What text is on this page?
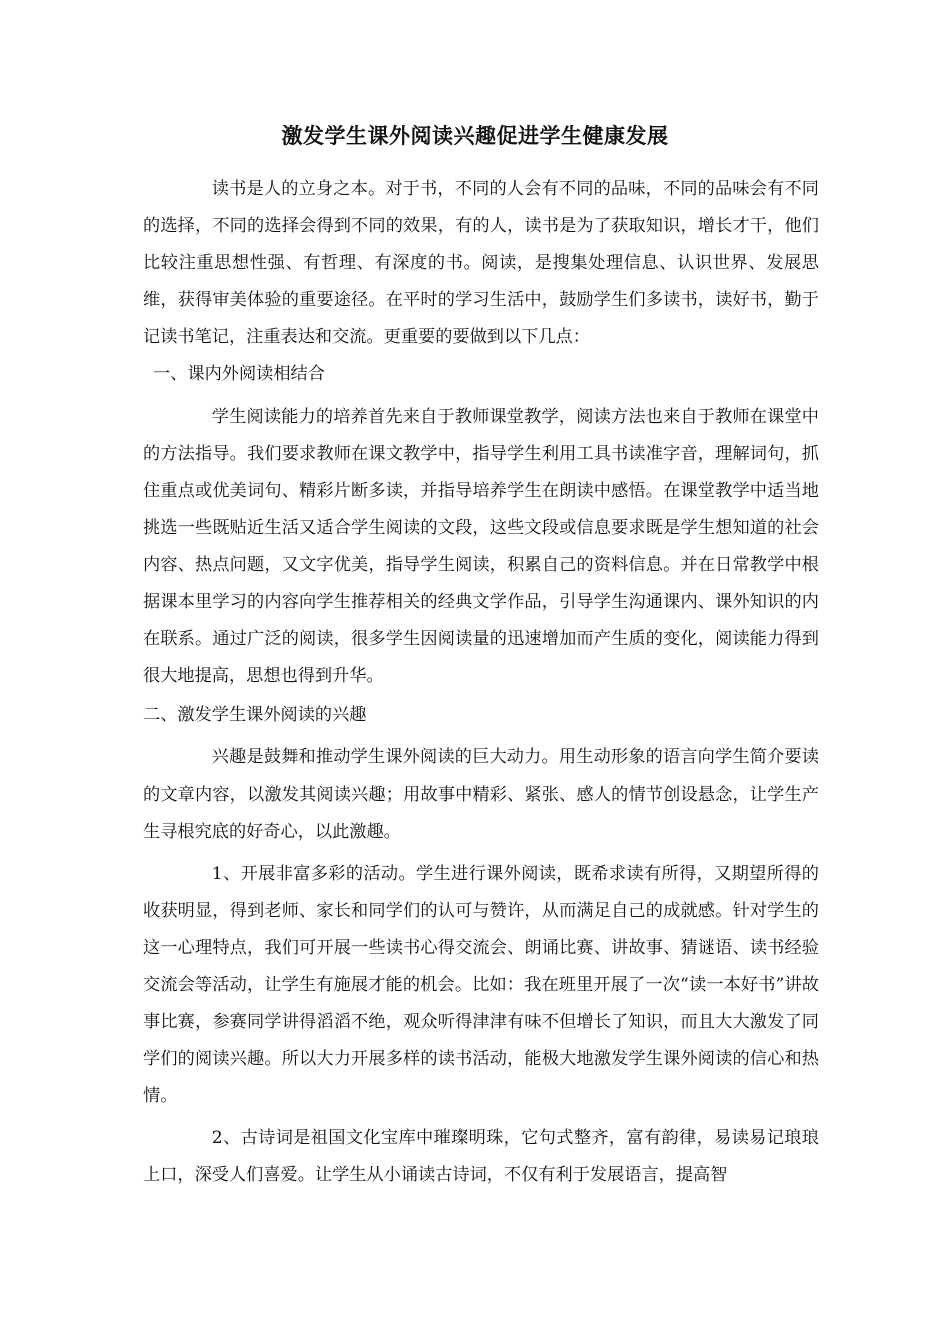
激发学生课外阅读兴趣促进学生健康发展

读书是人的立身之本。对于书，不同的人会有不同的品味，不同的品味会有不同的选择，不同的选择会得到不同的效果，有的人，读书是为了获取知识，增长才干，他们比较注重思想性强、有哲理、有深度的书。阅读，是搜集处理信息、认识世界、发展思维，获得审美体验的重要途径。在平时的学习生活中，鼓励学生们多读书，读好书，勤于记读书笔记，注重表达和交流。更重要的要做到以下几点：

一、课内外阅读相结合

学生阅读能力的培养首先来自于教师课堂教学，阅读方法也来自于教师在课堂中的方法指导。我们要求教师在课文教学中，指导学生利用工具书读准字音，理解词句，抓住重点或优美词句、精彩片断多读，并指导培养学生在朗读中感悟。在课堂教学中适当地挑选一些既贴近生活又适合学生阅读的文段，这些文段或信息要求既是学生想知道的社会内容、热点问题，又文字优美，指导学生阅读，积累自己的资料信息。并在日常教学中根据课本里学习的内容向学生推荐相关的经典文学作品，引导学生沟通课内、课外知识的内在联系。通过广泛的阅读，很多学生因阅读量的迅速增加而产生质的变化，阅读能力得到很大地提高，思想也得到升华。

二、激发学生课外阅读的兴趣

兴趣是鼓舞和推动学生课外阅读的巨大动力。用生动形象的语言向学生简介要读的文章内容，以激发其阅读兴趣；用故事中精彩、紧张、感人的情节创设悬念，让学生产生寻根究底的好奇心，以此激趣。

1、开展非富多彩的活动。学生进行课外阅读，既希求读有所得，又期望所得的收获明显，得到老师、家长和同学们的认可与赞许，从而满足自己的成就感。针对学生的这一心理特点，我们可开展一些读书心得交流会、朗诵比赛、讲故事、猜谜语、读书经验交流会等活动，让学生有施展才能的机会。比如：我在班里开展了一次“读一本好书”讲故事比赛，参赛同学讲得滔滔不绝，观众听得津津有味不但增长了知识，而且大大激发了同学们的阅读兴趣。所以大力开展多样的读书活动，能极大地激发学生课外阅读的信心和热情。

2、古诗词是祖国文化宝库中璀璨明珠，它句式整齐，富有韵律，易读易记琅琅上口，深受人们喜爱。让学生从小诵读古诗词，不仅有利于发展语言，提高智
